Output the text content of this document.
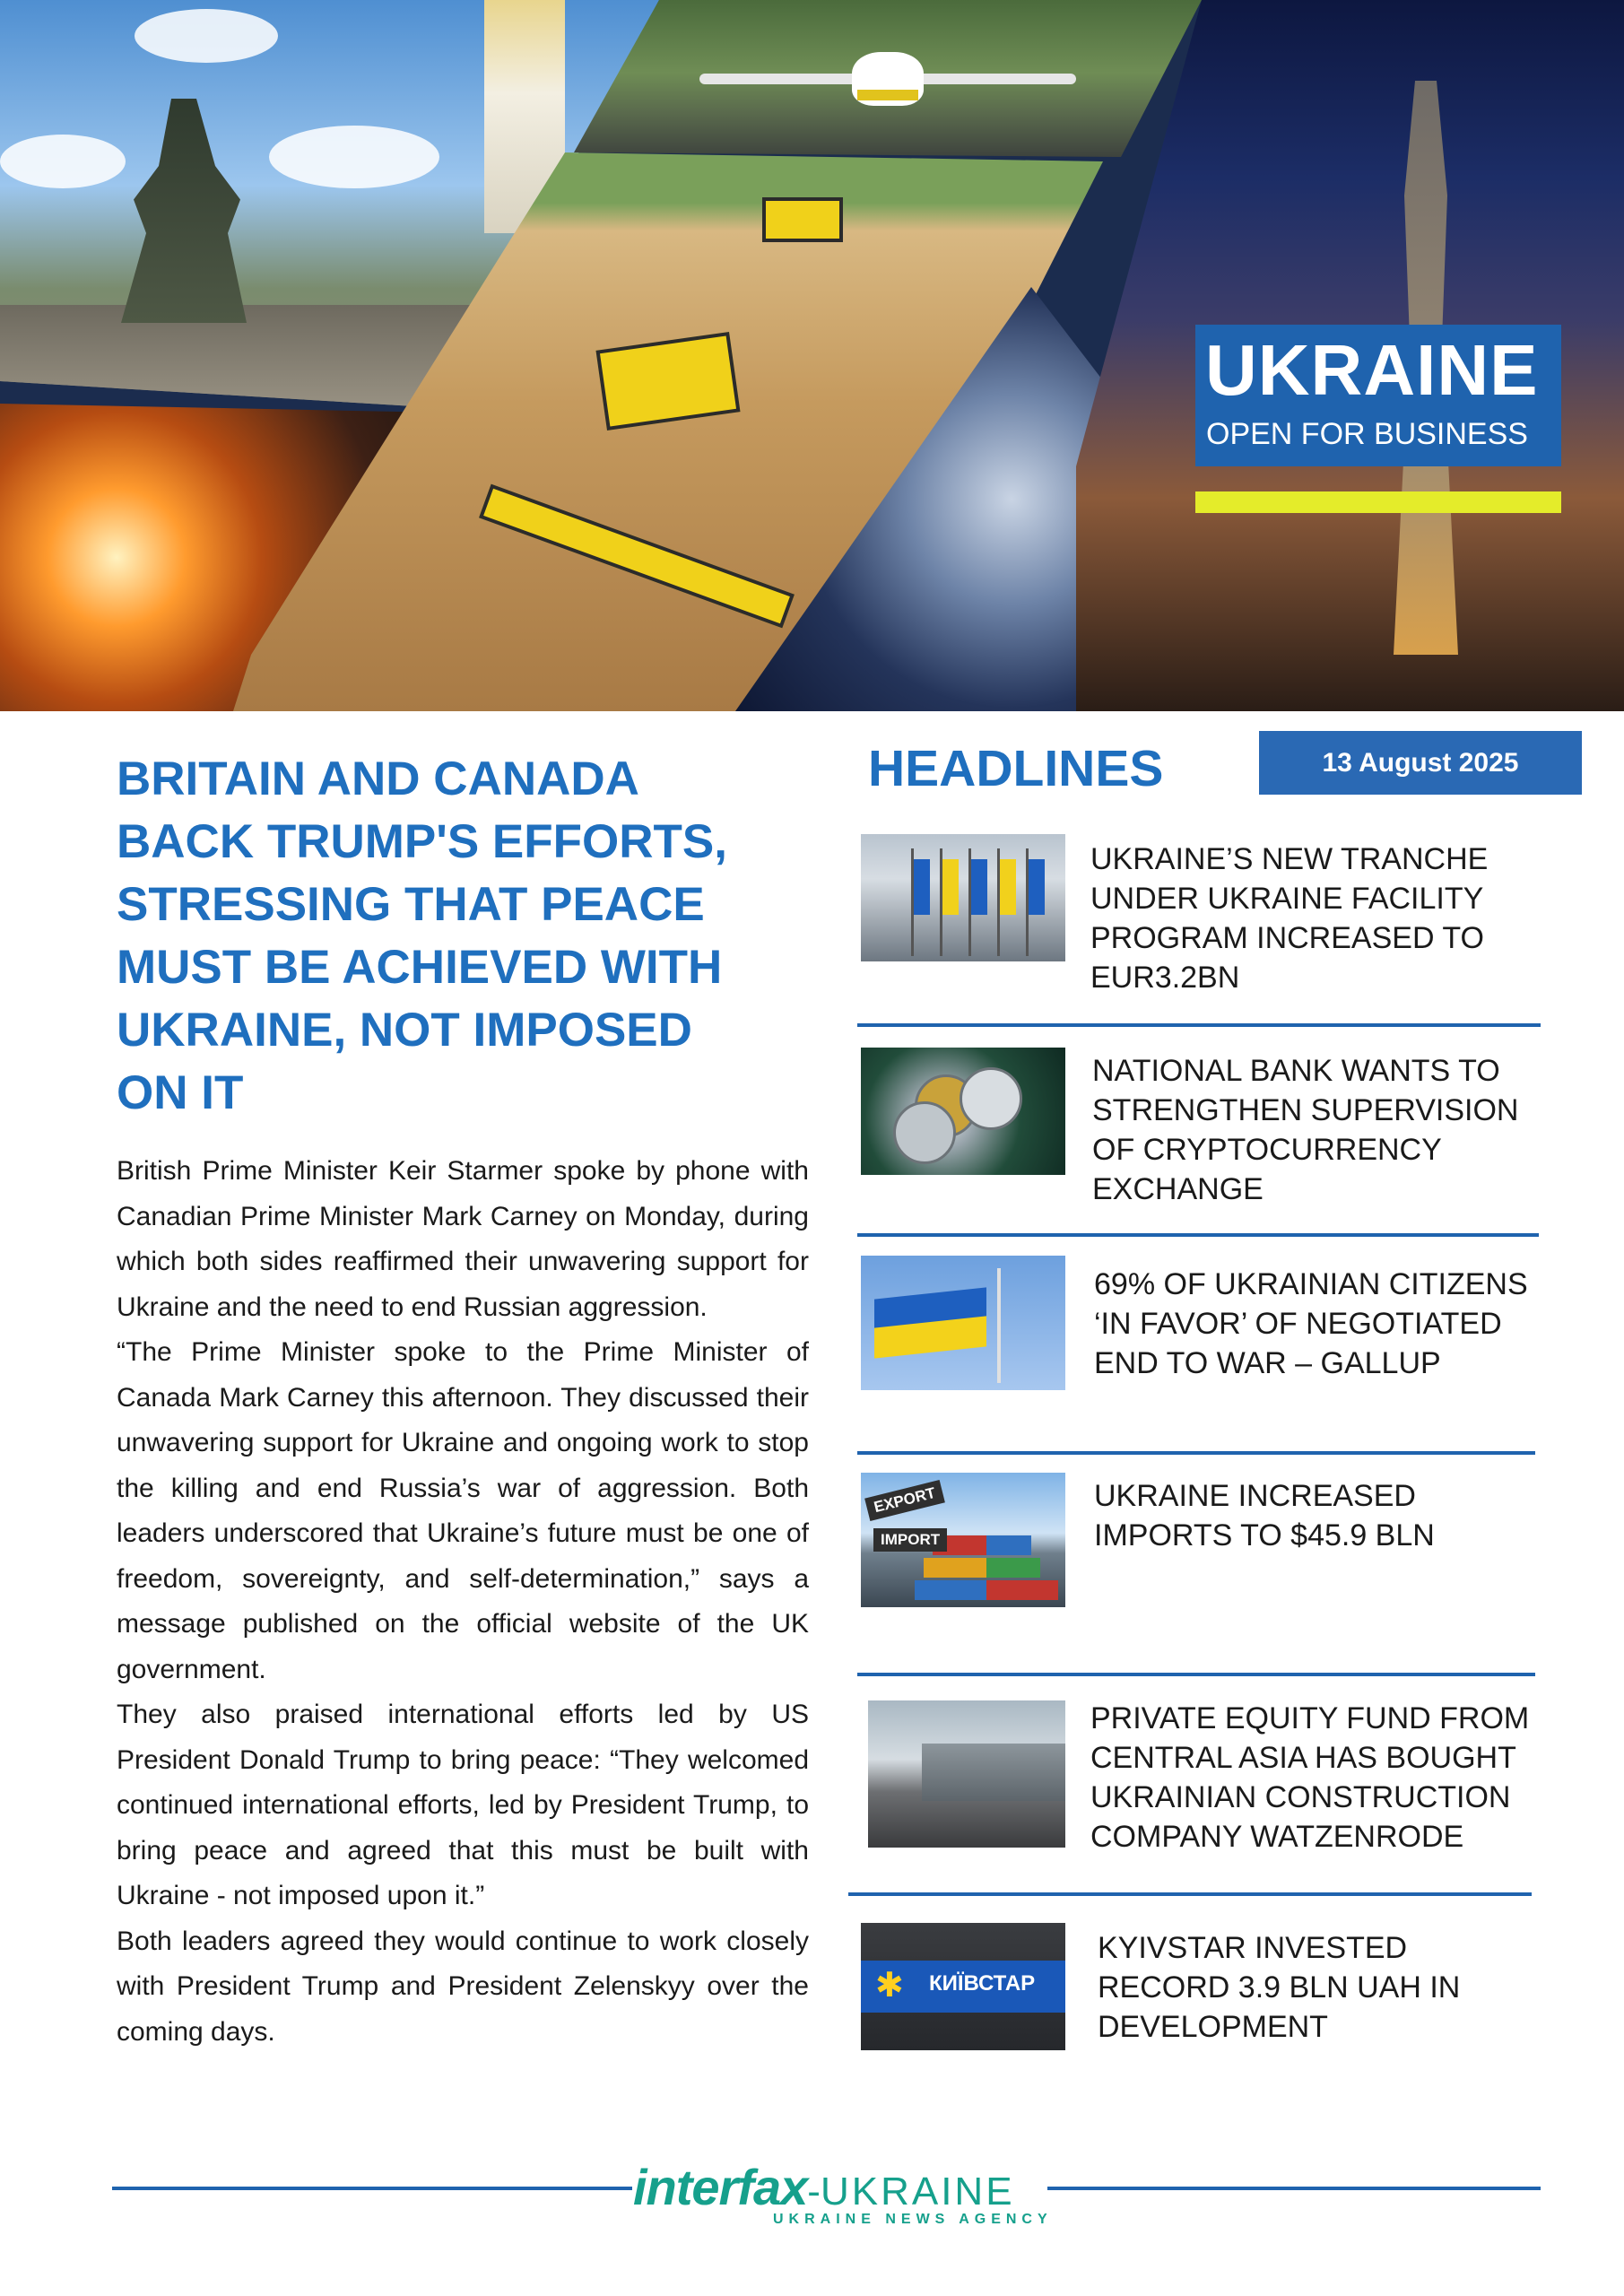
UKRAINE
OPEN FOR BUSINESS
BRITAIN AND CANADA
BACK TRUMP'S EFFORTS,
STRESSING THAT PEACE
MUST BE ACHIEVED WITH
UKRAINE, NOT IMPOSED
ON IT

British Prime Minister Keir Starmer spoke by phone with Canadian Prime Minister Mark Carney on Monday, during which both sides reaffirmed their unwavering support for Ukraine and the need to end Russian aggression.

“The Prime Minister spoke to the Prime Minister of Canada Mark Carney this afternoon. They discussed their unwavering support for Ukraine and ongoing work to stop the killing and end Russia’s war of aggression. Both leaders underscored that Ukraine’s future must be one of freedom, sovereignty, and self-determination,” says a message published on the official website of the UK government.

They also praised international efforts led by US President Donald Trump to bring peace: “They welcomed continued international efforts, led by President Trump, to bring peace and agreed that this must be built with Ukraine - not imposed upon it.”

Both leaders agreed they would continue to work closely with President Trump and President Zelenskyy over the coming days.

HEADLINES	13 August 2025
UKRAINE’S NEW TRANCHE
UNDER UKRAINE FACILITY
PROGRAM INCREASED TO
EUR3.2BN
NATIONAL BANK WANTS TO
STRENGTHEN SUPERVISION
OF CRYPTOCURRENCY
EXCHANGE
69% OF UKRAINIAN CITIZENS
‘IN FAVOR’ OF NEGOTIATED
END TO WAR – GALLUP
EXPORT
IMPORT
UKRAINE INCREASED
IMPORTS TO $45.9 BLN
PRIVATE EQUITY FUND FROM
CENTRAL ASIA HAS BOUGHT
UKRAINIAN CONSTRUCTION
COMPANY WATZENRODE
✱ КИЇВСТАР
KYIVSTAR INVESTED
RECORD 3.9 BLN UAH IN
DEVELOPMENT
interfax-UKRAINE
UKRAINE NEWS AGENCY
